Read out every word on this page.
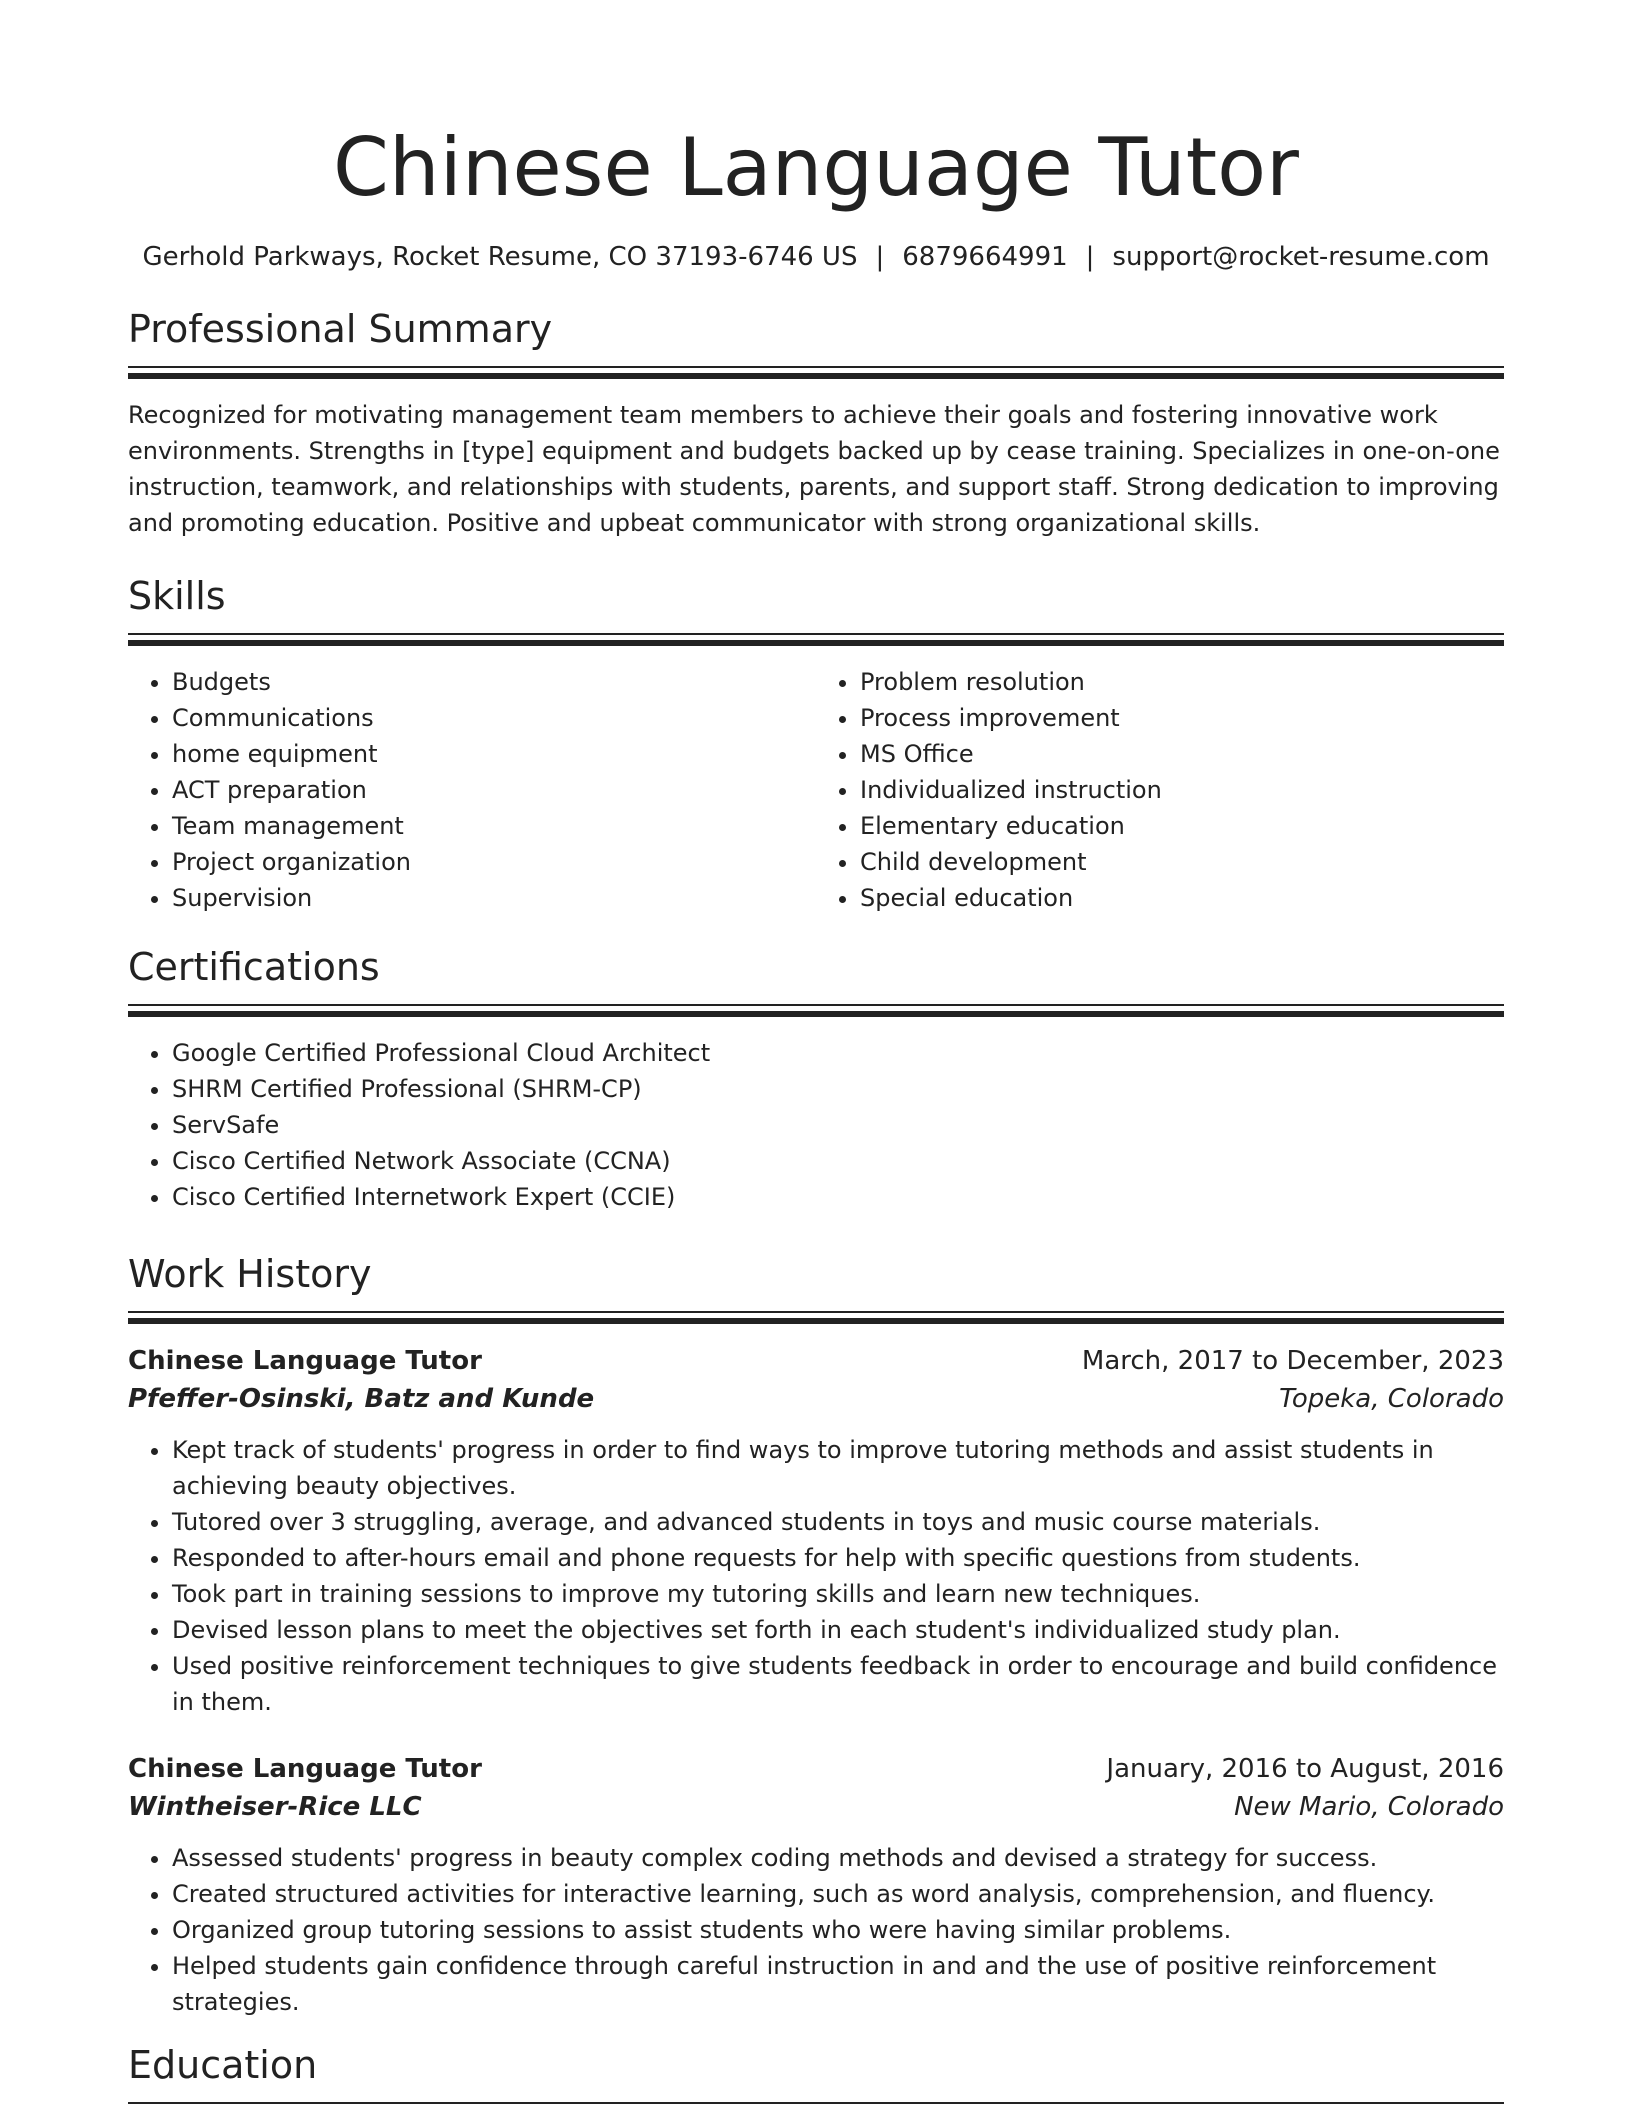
Chinese Language Tutor
Gerhold Parkways, Rocket Resume, CO 37193-6746 US | 6879664991 | support@rocket-resume.com
Professional Summary
Recognized for motivating management team members to achieve their goals and fostering innovative work environments. Strengths in [type] equipment and budgets backed up by cease training. Specializes in one-on-one instruction, teamwork, and relationships with students, parents, and support staff. Strong dedication to improving and promoting education. Positive and upbeat communicator with strong organizational skills.
Skills
• Budgets
• Communications
• home equipment
• ACT preparation
• Team management
• Project organization
• Supervision
• Problem resolution
• Process improvement
• MS Office
• Individualized instruction
• Elementary education
• Child development
• Special education
Certifications
• Google Certified Professional Cloud Architect
• SHRM Certified Professional (SHRM-CP)
• ServSafe
• Cisco Certified Network Associate (CCNA)
• Cisco Certified Internetwork Expert (CCIE)
Work History
Chinese Language Tutor	March, 2017 to December, 2023
Pfeffer-Osinski, Batz and Kunde	Topeka, Colorado
• Kept track of students' progress in order to find ways to improve tutoring methods and assist students in achieving beauty objectives.
• Tutored over 3 struggling, average, and advanced students in toys and music course materials.
• Responded to after-hours email and phone requests for help with specific questions from students.
• Took part in training sessions to improve my tutoring skills and learn new techniques.
• Devised lesson plans to meet the objectives set forth in each student's individualized study plan.
• Used positive reinforcement techniques to give students feedback in order to encourage and build confidence in them.
Chinese Language Tutor	January, 2016 to August, 2016
Wintheiser-Rice LLC	New Mario, Colorado
• Assessed students' progress in beauty complex coding methods and devised a strategy for success.
• Created structured activities for interactive learning, such as word analysis, comprehension, and fluency.
• Organized group tutoring sessions to assist students who were having similar problems.
• Helped students gain confidence through careful instruction in and and the use of positive reinforcement strategies.
Education
